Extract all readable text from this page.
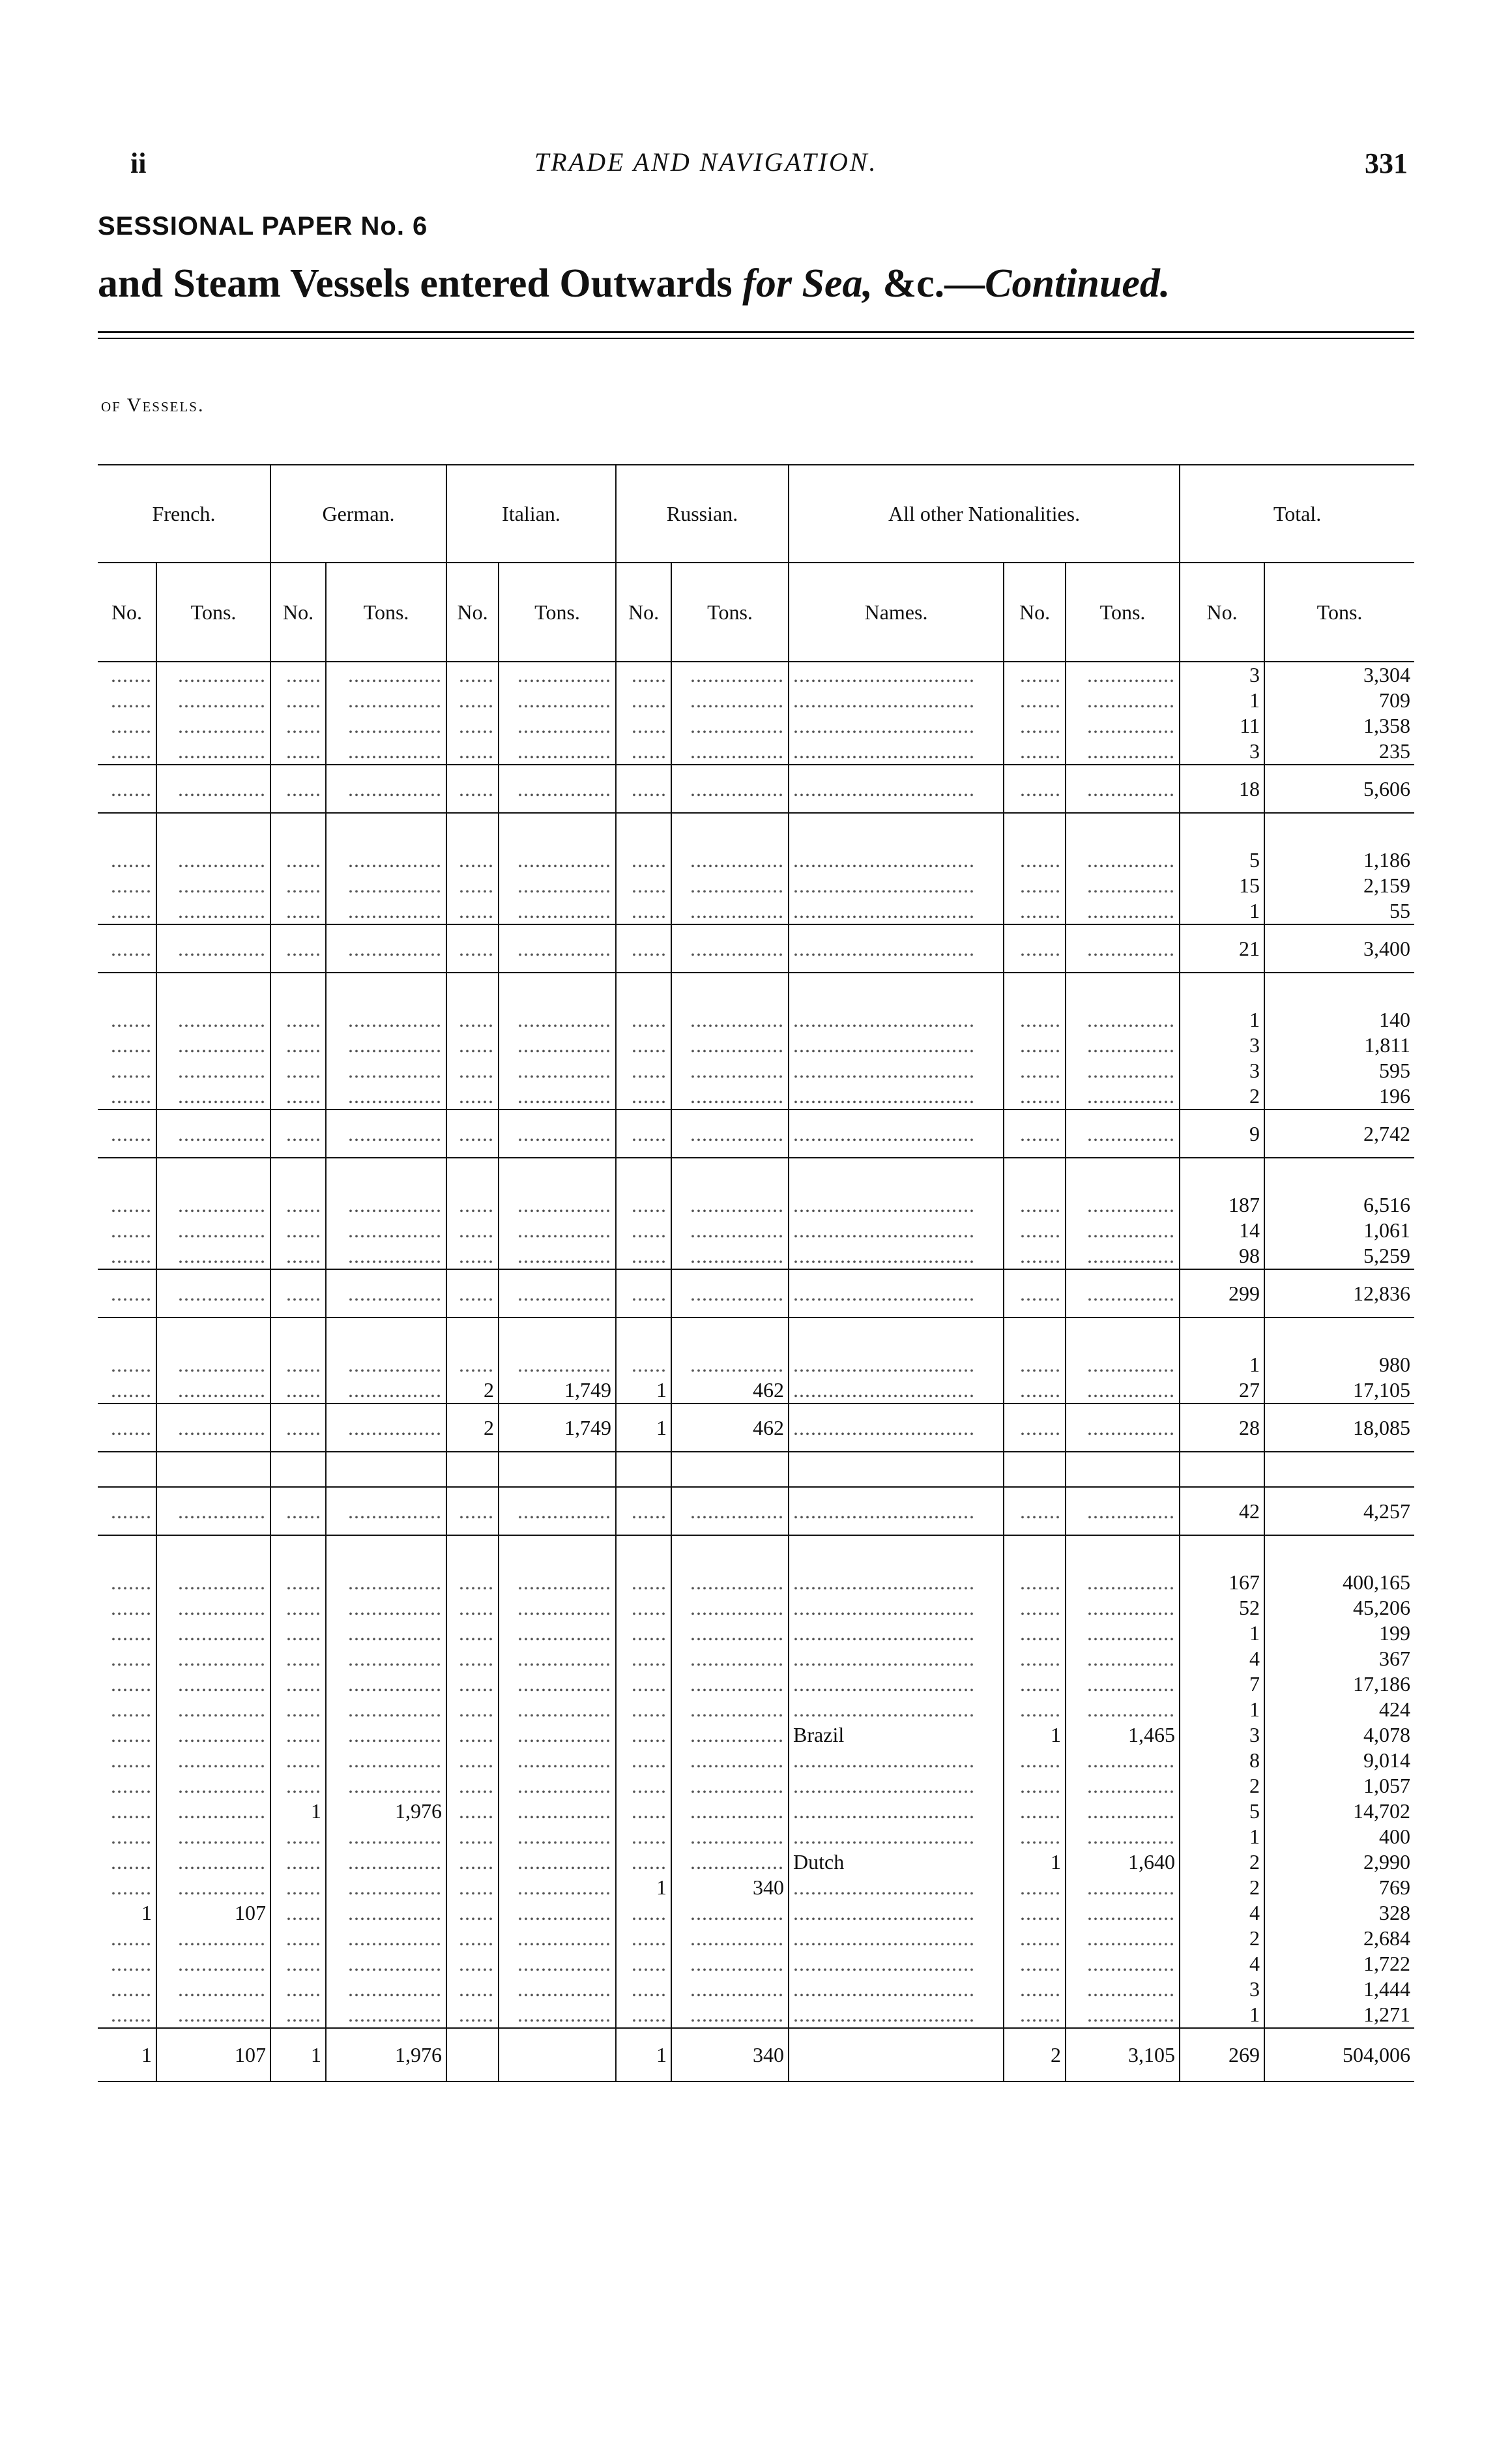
ii	TRADE AND NAVIGATION.	331
SESSIONAL PAPER No. 6
and Steam Vessels entered Outwards for Sea, &c.—Continued.
of Vessels.
French.		German.		Italian.		Russian.		All other Nationalities.			Total.	
No.	Tons.	No.	Tons.	No.	Tons.	No.	Tons.	Names.	No.	Tons.	No.	Tons.
.......	...............	......	................	......	................	......	................	...............................	.......	...............	3	3,304
.......	...............	......	................	......	................	......	................	...............................	.......	...............	1	709
.......	...............	......	................	......	................	......	................	...............................	.......	...............	11	1,358
.......	...............	......	................	......	................	......	................	...............................	.......	...............	3	235
.......	...............	......	................	......	................	......	................	...............................	.......	...............	18	5,606

.......	...............	......	................	......	................	......	................	...............................	.......	...............	5	1,186
.......	...............	......	................	......	................	......	................	...............................	.......	...............	15	2,159
.......	...............	......	................	......	................	......	................	...............................	.......	...............	1	55
.......	...............	......	................	......	................	......	................	...............................	.......	...............	21	3,400

.......	...............	......	................	......	................	......	................	...............................	.......	...............	1	140
.......	...............	......	................	......	................	......	................	...............................	.......	...............	3	1,811
.......	...............	......	................	......	................	......	................	...............................	.......	...............	3	595
.......	...............	......	................	......	................	......	................	...............................	.......	...............	2	196
.......	...............	......	................	......	................	......	................	...............................	.......	...............	9	2,742

.......	...............	......	................	......	................	......	................	...............................	.......	...............	187	6,516
.......	...............	......	................	......	................	......	................	...............................	.......	...............	14	1,061
.......	...............	......	................	......	................	......	................	...............................	.......	...............	98	5,259
.......	...............	......	................	......	................	......	................	...............................	.......	...............	299	12,836

.......	...............	......	................	......	................	......	................	...............................	.......	...............	1	980
.......	...............	......	................	2	1,749	1	462	...............................	.......	...............	27	17,105
.......	...............	......	................	2	1,749	1	462	...............................	.......	...............	28	18,085

.......	...............	......	................	......	................	......	................	...............................	.......	...............	42	4,257

.......	...............	......	................	......	................	......	................	...............................	.......	...............	167	400,165
.......	...............	......	................	......	................	......	................	...............................	.......	...............	52	45,206
.......	...............	......	................	......	................	......	................	...............................	.......	...............	1	199
.......	...............	......	................	......	................	......	................	...............................	.......	...............	4	367
.......	...............	......	................	......	................	......	................	...............................	.......	...............	7	17,186
.......	...............	......	................	......	................	......	................	...............................	.......	...............	1	424
.......	...............	......	................	......	................	......	................	Brazil	1	1,465	3	4,078
.......	...............	......	................	......	................	......	................	...............................	.......	...............	8	9,014
.......	...............	......	................	......	................	......	................	...............................	.......	...............	2	1,057
.......	...............	1	1,976	......	................	......	................	...............................	.......	...............	5	14,702
.......	...............	......	................	......	................	......	................	...............................	.......	...............	1	400
.......	...............	......	................	......	................	......	................	Dutch	1	1,640	2	2,990
.......	...............	......	................	......	................	1	340	...............................	.......	...............	2	769
1	107	......	................	......	................	......	................	...............................	.......	...............	4	328
.......	...............	......	................	......	................	......	................	...............................	.......	...............	2	2,684
.......	...............	......	................	......	................	......	................	...............................	.......	...............	4	1,722
.......	...............	......	................	......	................	......	................	...............................	.......	...............	3	1,444
.......	...............	......	................	......	................	......	................	...............................	.......	...............	1	1,271
1	107	1	1,976			1	340		2	3,105	269	504,006
